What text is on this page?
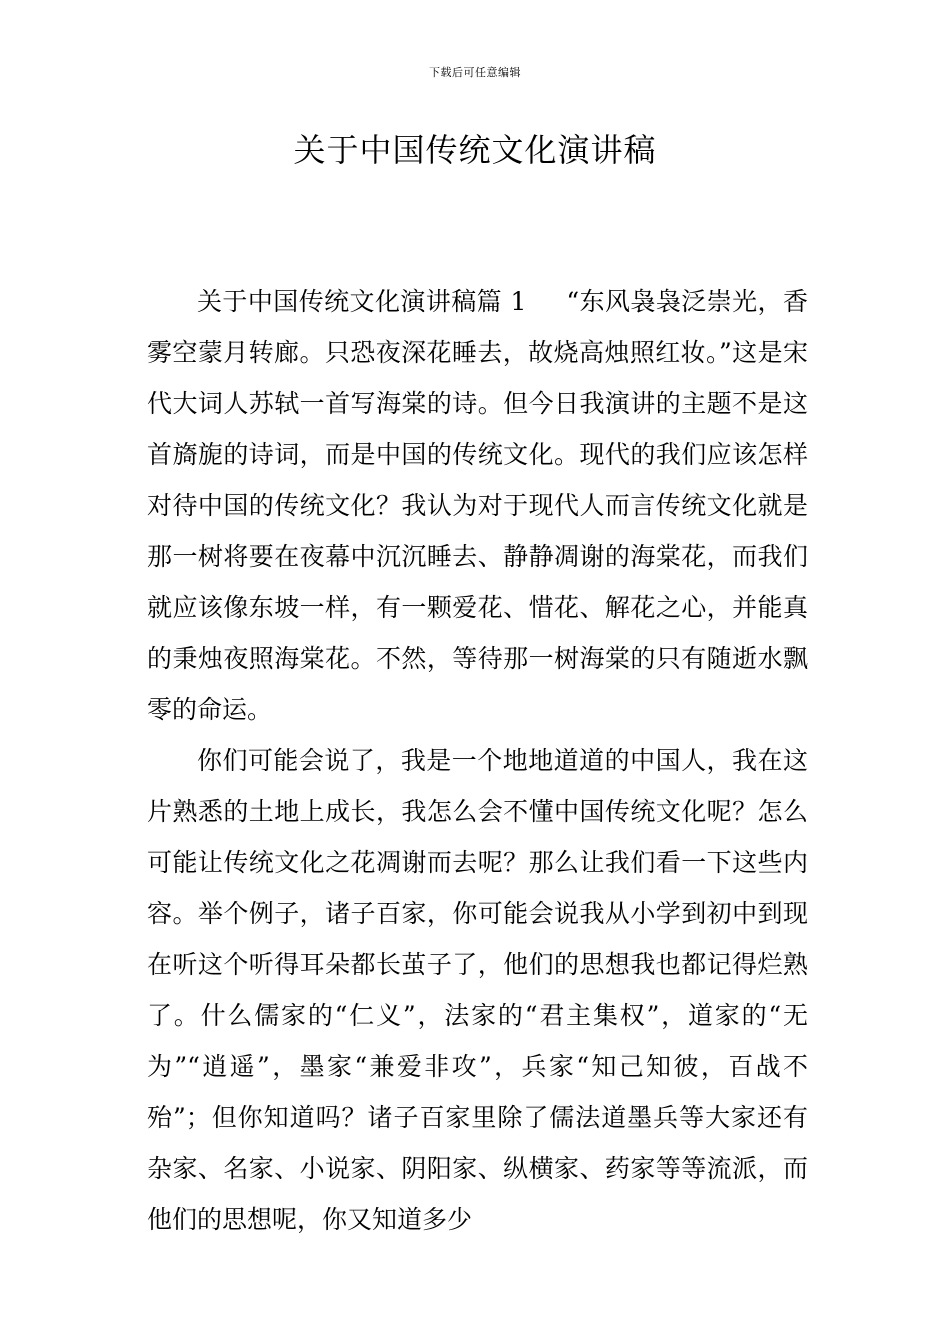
下载后可任意编辑
关于中国传统文化演讲稿

关于中国传统文化演讲稿篇 1 “东风袅袅泛崇光，香雾空蒙月转廊。只恐夜深花睡去，故烧高烛照红妆。”这是宋代大词人苏轼一首写海棠的诗。但今日我演讲的主题不是这首旖旎的诗词，而是中国的传统文化。现代的我们应该怎样对待中国的传统文化？我认为对于现代人而言传统文化就是那一树将要在夜幕中沉沉睡去、静静凋谢的海棠花，而我们就应该像东坡一样，有一颗爱花、惜花、解花之心，并能真的秉烛夜照海棠花。不然，等待那一树海棠的只有随逝水飘零的命运。

你们可能会说了，我是一个地地道道的中国人，我在这片熟悉的土地上成长，我怎么会不懂中国传统文化呢？怎么可能让传统文化之花凋谢而去呢？那么让我们看一下这些内容。举个例子，诸子百家，你可能会说我从小学到初中到现在听这个听得耳朵都长茧子了，他们的思想我也都记得烂熟了。什么儒家的“仁义”，法家的“君主集权”，道家的“无为”“逍遥”，墨家“兼爱非攻”，兵家“知己知彼，百战不殆”；但你知道吗？诸子百家里除了儒法道墨兵等大家还有杂家、名家、小说家、阴阳家、纵横家、药家等等流派，而他们的思想呢，你又知道多少
